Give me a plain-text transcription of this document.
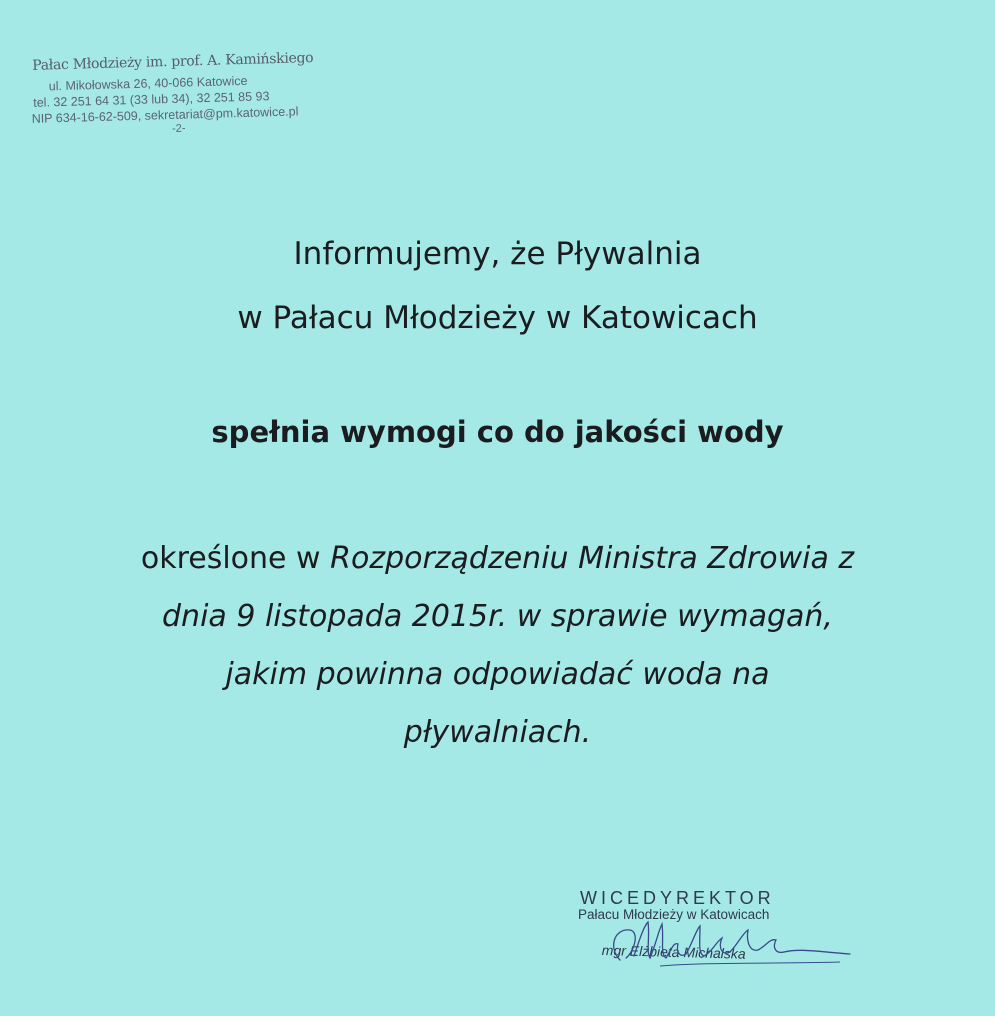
Pałac Młodzieży im. prof. A. Kamińskiego
ul. Mikołowska 26, 40-066 Katowice
tel. 32 251 64 31 (33 lub 34), 32 251 85 93
NIP 634-16-62-509, sekretariat@pm.katowice.pl
-2-
Informujemy, że Pływalnia
w Pałacu Młodzieży w Katowicach
spełnia wymogi co do jakości wody
określone w Rozporządzeniu Ministra Zdrowia z
dnia 9 listopada 2015r. w sprawie wymagań,
jakim powinna odpowiadać woda na
pływalniach.
WICEDYREKTOR
Pałacu Młodzieży w Katowicach
mgr Elżbieta Michalska
